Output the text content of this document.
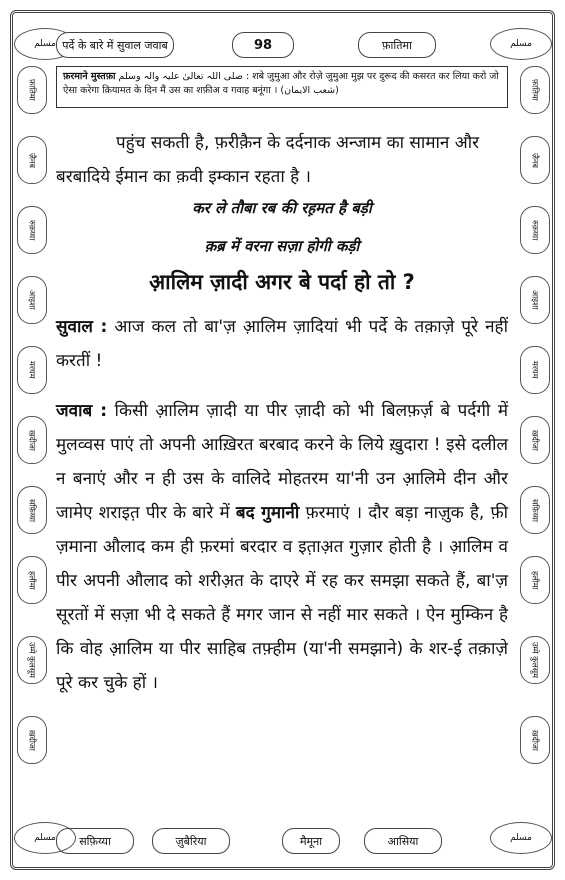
مسلم पर्दे के बारे में सुवाल जवाब	98	फ़ातिमा	مسلم
फ़रमाने मुस्तफ़ा صلی اللہ تعالیٰ علیہ والہ وسلم : शबे जुमुआ और रोज़े जुमुआ मुझ पर दुरूद की कसरत कर लिया करो जो ऐसा करेगा क़ियामत के दिन मैं उस का शफ़ीअ व गवाह बनूंगा । (شعب الایمان)
फ़ातिमा
ज़ैनब
रुक़य्या
आइशा
मरयम
ख़दीजा
सफ़िय्या
हलीमा
उम्मे कुलसूम
ख़दीजा
फ़ातिमा
ज़ैनब
रुक़य्या
आइशा
मरयम
ख़दीजा
सफ़िय्या
हलीमा
उम्मे कुलसूम
ख़दीजा
पहुंच सकती है, फ़रीक़ैन के दर्दनाक अन्जाम का सामान और बरबादिये ईमान का क़वी इम्कान रहता है ।
कर ले तौबा रब की रह़मत है बड़ी
क़ब्र में वरना सज़ा होगी कड़ी
आ़लिम ज़ादी अगर बे पर्दा हो तो ?
सुवाल : आज कल तो बा'ज़ आ़लिम ज़ादियां भी पर्दे के तक़ाज़े पूरे नहीं करतीं !
जवाब : किसी आ़लिम ज़ादी या पीर ज़ादी को भी बिलफ़र्ज़ बे पर्दगी में मुलव्वस पाएं तो अपनी आख़िरत बरबाद करने के लिये ख़ुदारा ! इसे दलील न बनाएं और न ही उस के वालिदे मोहतरम या'नी उन आ़लिमे दीन और जामेए शराइत़ पीर के बारे में बद गुमानी फ़रमाएं । दौर बड़ा नाज़ुक है, फ़ी ज़माना औलाद कम ही फ़रमां बरदार व इत़ाअ़त गुज़ार होती है । आ़लिम व पीर अपनी औलाद को शरीअ़त के दाएरे में रह कर समझा सकते हैं, बा'ज़ सूरतों में सज़ा भी दे सकते हैं मगर जान से नहीं मार सकते । ऐन मुम्किन है कि वोह आ़लिम या पीर साहिब तफ़्हीम (या'नी समझाने) के शर-ई तक़ाज़े पूरे कर चुके हों ।
مسلم सफ़िय्या	ज़ुबैरिया	मैमूना	आसिया	مسلم
